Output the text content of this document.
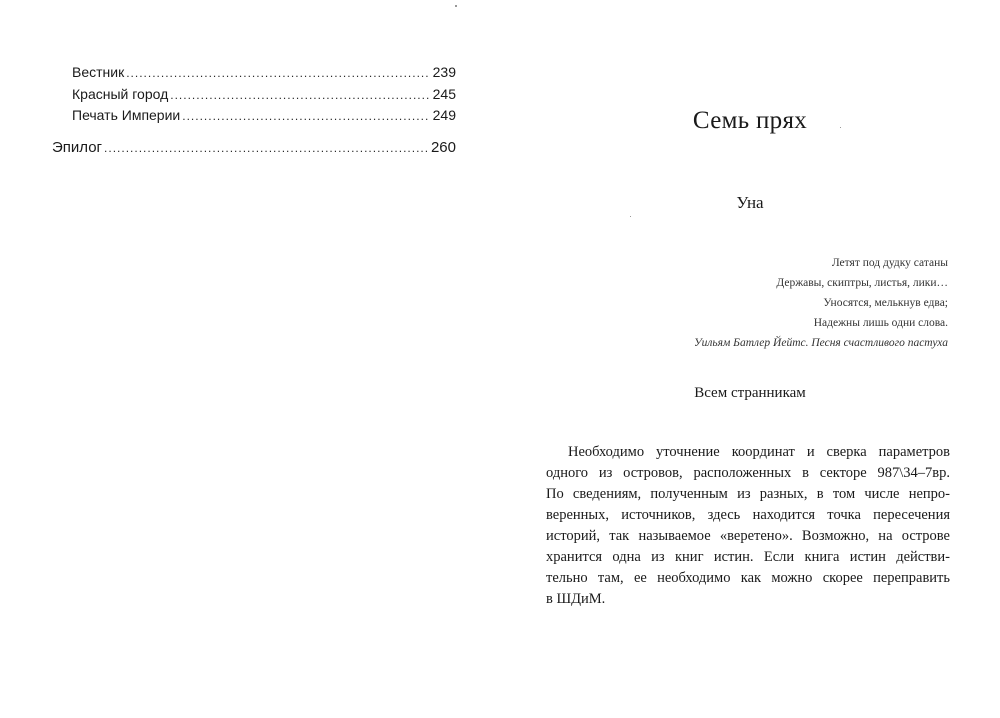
Вестник .....	239
Красный город .....	245
Печать Империи .....	249
Эпилог .....	260
Семь прях
Уна
Летят под дудку сатаны
Державы, скиптры, листья, лики…
Уносятся, мелькнув едва;
Надежны лишь одни слова.
Уильям Батлер Йейтс. Песня счастливого пастуха
Всем странникам
Необходимо уточнение координат и сверка параметров
одного из островов, расположенных в секторе 987\34–7вр.
По сведениям, полученным из разных, в том числе непро-
веренных, источников, здесь находится точка пересечения
историй, так называемое «веретено». Возможно, на острове
хранится одна из книг истин. Если книга истин действи-
тельно там, ее необходимо как можно скорее переправить
в ШДиМ.
